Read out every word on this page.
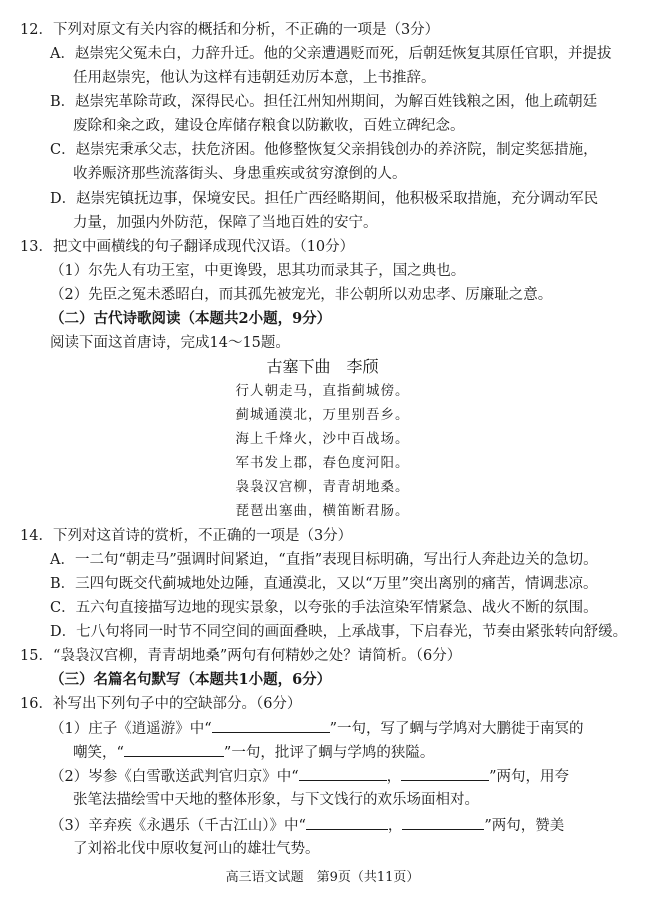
12．下列对原文有关内容的概括和分析，不正确的一项是（3分）
A．赵崇宪父冤未白，力辞升迁。他的父亲遭遇贬而死，后朝廷恢复其原任官职，并提拔
任用赵崇宪，他认为这样有违朝廷劝厉本意，上书推辞。
B．赵崇宪革除苛政，深得民心。担任江州知州期间，为解百姓钱粮之困，他上疏朝廷
废除和籴之政，建设仓库储存粮食以防歉收，百姓立碑纪念。
C．赵崇宪秉承父志，扶危济困。他修整恢复父亲捐钱创办的养济院，制定奖惩措施，
收养赈济那些流落街头、身患重疾或贫穷潦倒的人。
D．赵崇宪镇抚边事，保境安民。担任广西经略期间，他积极采取措施，充分调动军民
力量，加强内外防范，保障了当地百姓的安宁。
13．把文中画横线的句子翻译成现代汉语。（10分）
（1）尔先人有功王室，中更谗毁，思其功而录其子，国之典也。
（2）先臣之冤未悉昭白，而其孤先被宠光，非公朝所以劝忠孝、厉廉耻之意。
（二）古代诗歌阅读（本题共2小题，9分）
阅读下面这首唐诗，完成14～15题。
古塞下曲　李颀
行人朝走马，直指蓟城傍。
蓟城通漠北，万里别吾乡。
海上千烽火，沙中百战场。
军书发上郡，春色度河阳。
袅袅汉宫柳，青青胡地桑。
琵琶出塞曲，横笛断君肠。
14．下列对这首诗的赏析，不正确的一项是（3分）
A．一二句“朝走马”强调时间紧迫，“直指”表现目标明确，写出行人奔赴边关的急切。
B．三四句既交代蓟城地处边陲，直通漠北，又以“万里”突出离别的痛苦，情调悲凉。
C．五六句直接描写边地的现实景象，以夸张的手法渲染军情紧急、战火不断的氛围。
D．七八句将同一时节不同空间的画面叠映，上承战事，下启春光，节奏由紧张转向舒缓。
15．“袅袅汉宫柳，青青胡地桑”两句有何精妙之处？请简析。（6分）
（三）名篇名句默写（本题共1小题，6分）
16．补写出下列句子中的空缺部分。（6分）
（1）庄子《逍遥游》中“	”一句，写了蜩与学鸠对大鹏徙于南冥的
嘲笑，“	”一句，批评了蜩与学鸠的狭隘。
（2）岑参《白雪歌送武判官归京》中“	，	”两句，用夸
张笔法描绘雪中天地的整体形象，与下文饯行的欢乐场面相对。
（3）辛弃疾《永遇乐（千古江山）》中“	，	”两句，赞美
了刘裕北伐中原收复河山的雄壮气势。
高三语文试题　第9页（共11页）
